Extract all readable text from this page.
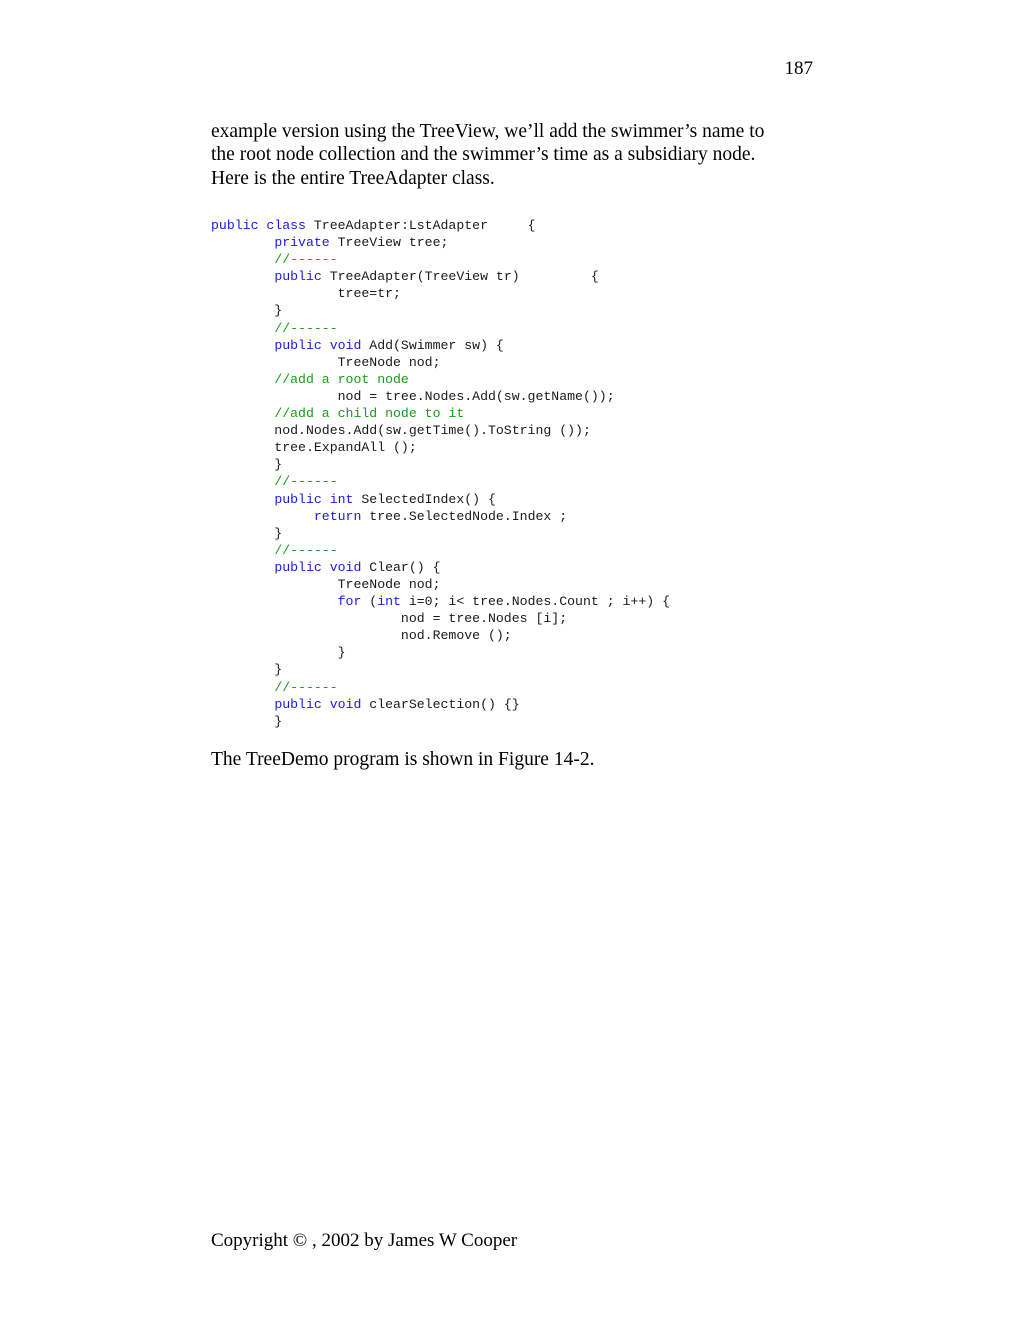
187
example version using the TreeView, we’ll add the swimmer’s name to
the root node collection and the swimmer’s time as a subsidiary node.
Here is the entire TreeAdapter class.
public class TreeAdapter:LstAdapter     {
private TreeView tree;
//------
public TreeAdapter(TreeView tr)         {
tree=tr;
}
//------
public void Add(Swimmer sw) {
TreeNode nod;
//add a root node
nod = tree.Nodes.Add(sw.getName());
//add a child node to it
nod.Nodes.Add(sw.getTime().ToString ());
tree.ExpandAll ();
}
//------
public int SelectedIndex() {
return tree.SelectedNode.Index ;
}
//------
public void Clear() {
TreeNode nod;
for (int i=0; i< tree.Nodes.Count ; i++) {
nod = tree.Nodes [i];
nod.Remove ();
}
}
//------
public void clearSelection() {}
}
The TreeDemo program is shown in Figure 14-2.
Copyright © , 2002 by James W Cooper
